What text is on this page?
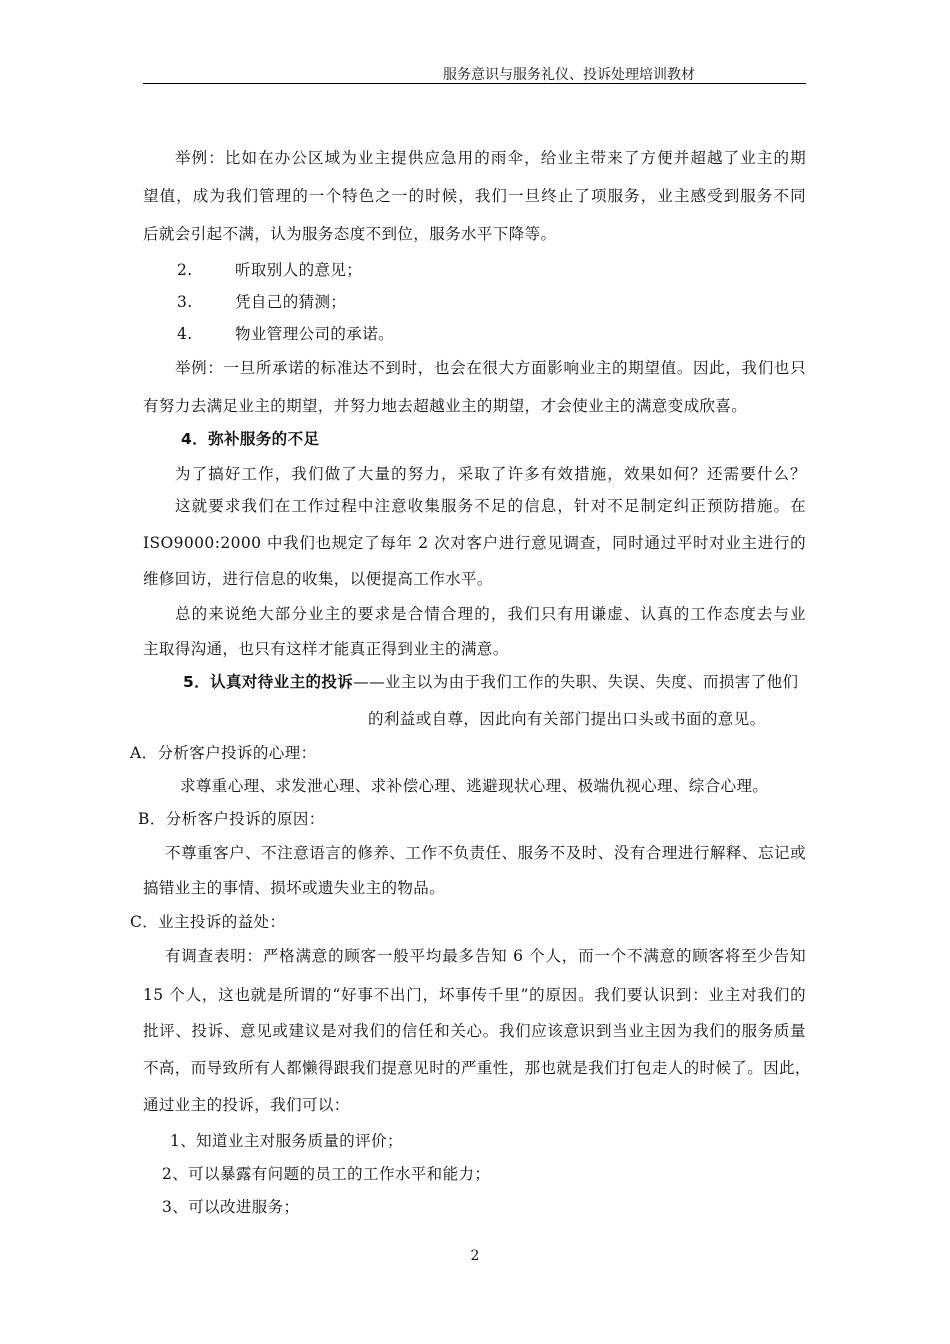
服务意识与服务礼仪、投诉处理培训教材
举例：比如在办公区域为业主提供应急用的雨伞，给业主带来了方便并超越了业主的期
望值，成为我们管理的一个特色之一的时候，我们一旦终止了项服务，业主感受到服务不同
后就会引起不满，认为服务态度不到位，服务水平下降等。
2.	听取别人的意见；
3.	凭自己的猜测；
4.	物业管理公司的承诺。
举例：一旦所承诺的标准达不到时，也会在很大方面影响业主的期望值。因此，我们也只
有努力去满足业主的期望，并努力地去超越业主的期望，才会使业主的满意变成欣喜。
4．弥补服务的不足
为了搞好工作，我们做了大量的努力，采取了许多有效措施，效果如何？还需要什么？
这就要求我们在工作过程中注意收集服务不足的信息，针对不足制定纠正预防措施。在
ISO9000:2000 中我们也规定了每年 2 次对客户进行意见调查，同时通过平时对业主进行的
维修回访，进行信息的收集，以便提高工作水平。
总的来说绝大部分业主的要求是合情合理的，我们只有用谦虚、认真的工作态度去与业
主取得沟通，也只有这样才能真正得到业主的满意。
5．认真对待业主的投诉——业主以为由于我们工作的失职、失误、失度、而损害了他们
的利益或自尊，因此向有关部门提出口头或书面的意见。
A．分析客户投诉的心理：
求尊重心理、求发泄心理、求补偿心理、逃避现状心理、极端仇视心理、综合心理。
B．分析客户投诉的原因：
不尊重客户、不注意语言的修养、工作不负责任、服务不及时、没有合理进行解释、忘记或
搞错业主的事情、损坏或遗失业主的物品。
C．业主投诉的益处：
有调查表明：严格满意的顾客一般平均最多告知 6 个人，而一个不满意的顾客将至少告知
15 个人，这也就是所谓的“好事不出门，坏事传千里”的原因。我们要认识到：业主对我们的
批评、投诉、意见或建议是对我们的信任和关心。我们应该意识到当业主因为我们的服务质量
不高，而导致所有人都懒得跟我们提意见时的严重性，那也就是我们打包走人的时候了。因此，
通过业主的投诉，我们可以：
1、知道业主对服务质量的评价；
2、可以暴露有问题的员工的工作水平和能力；
3、可以改进服务；
2
